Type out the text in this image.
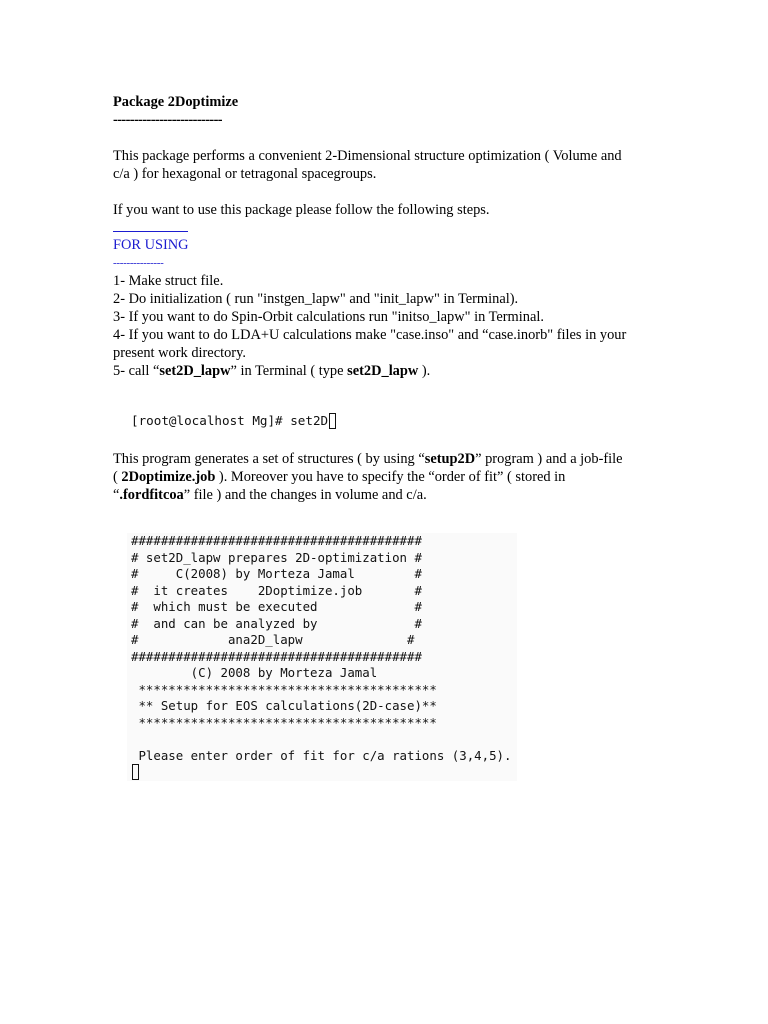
Package 2Doptimize
--------------------------
This package performs a convenient 2-Dimensional structure optimization ( Volume and
c/a ) for hexagonal or tetragonal spacegroups.
If you want to use this package please follow the following steps.
FOR USING
---------------
1- Make struct file.
2- Do initialization ( run "instgen_lapw" and "init_lapw" in Terminal).
3- If you want to do Spin-Orbit calculations run "initso_lapw" in Terminal.
4- If you want to do LDA+U calculations make "case.inso" and “case.inorb" files in your
present work directory.
5- call “set2D_lapw” in Terminal ( type set2D_lapw ).
[root@localhost Mg]# set2D
This program generates a set of structures ( by using “setup2D” program ) and a job-file
( 2Doptimize.job ). Moreover you have to specify the “order of fit” ( stored in
“.fordfitcoa” file ) and the changes in volume and c/a.
#######################################
# set2D_lapw prepares 2D-optimization #
#     C(2008) by Morteza Jamal        #
#  it creates    2Doptimize.job       #
#  which must be executed             #
#  and can be analyzed by             #
#            ana2D_lapw              #
#######################################
(C) 2008 by Morteza Jamal
****************************************
** Setup for EOS calculations(2D-case)**
****************************************
Please enter order of fit for c/a rations (3,4,5).
